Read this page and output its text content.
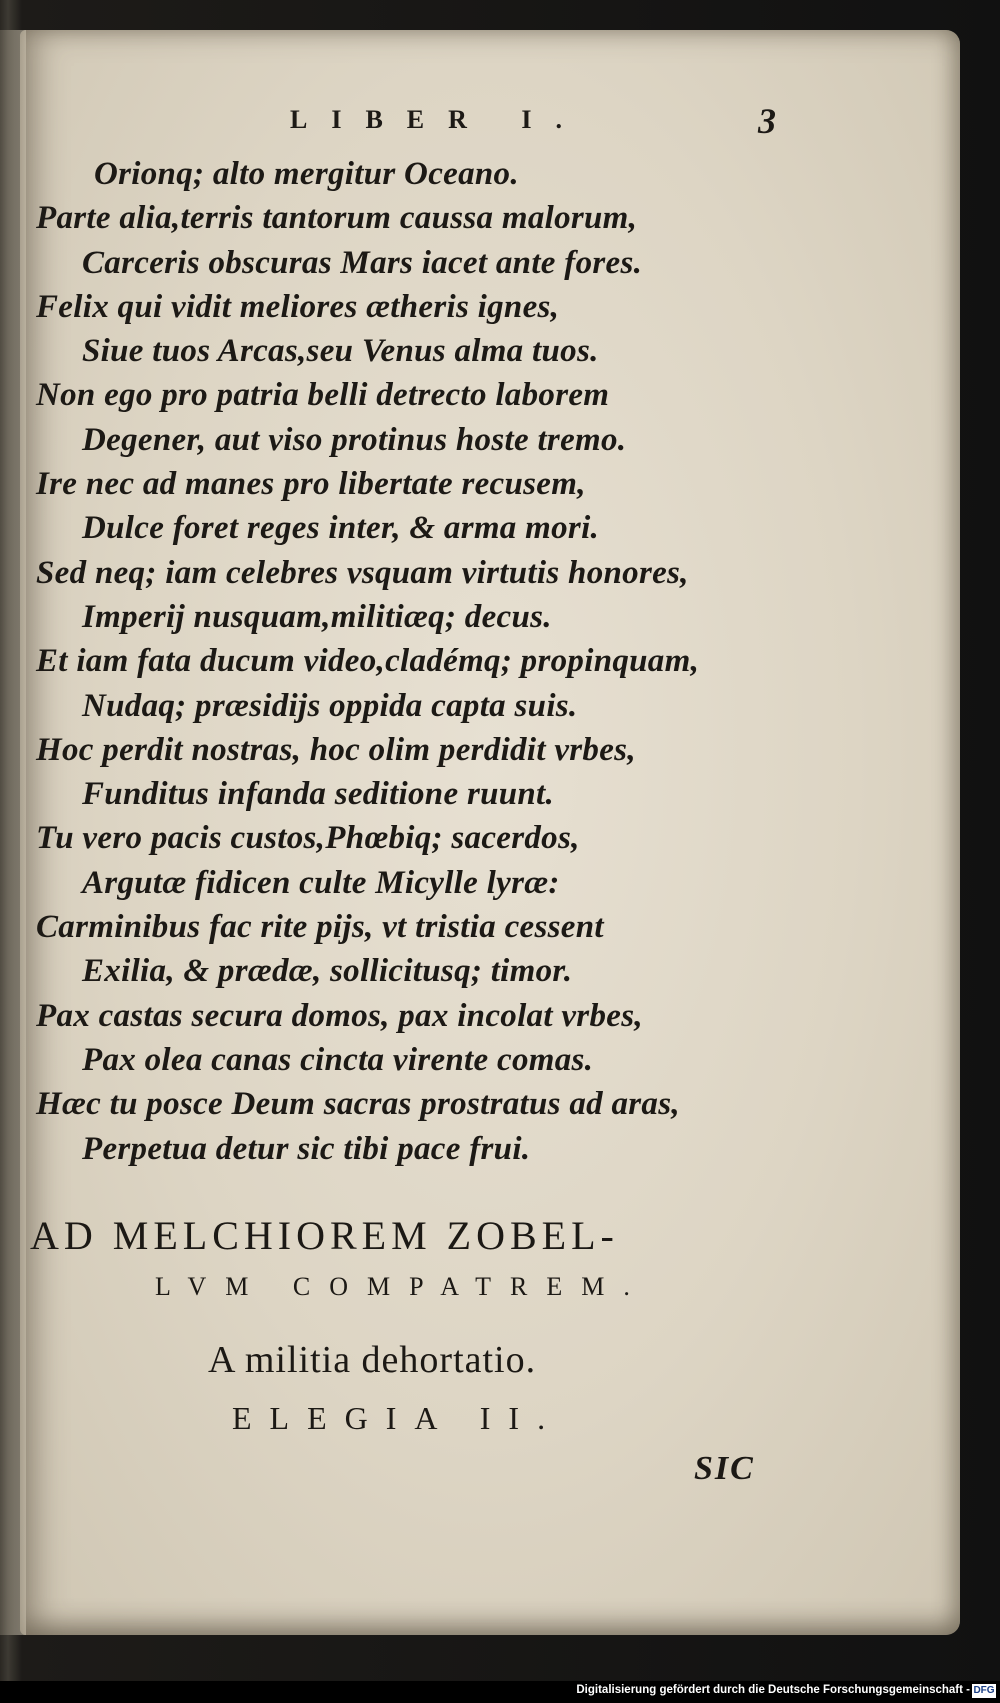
LIBER I.	3
Orionq; alto mergitur Oceano.
Parte alia,terris tantorum caussa malorum,
Carceris obscuras Mars iacet ante fores.
Felix qui vidit meliores ætheris ignes,
Siue tuos Arcas,seu Venus alma tuos.
Non ego pro patria belli detrecto laborem
Degener, aut viso protinus hoste tremo.
Ire nec ad manes pro libertate recusem,
Dulce foret reges inter, & arma mori.
Sed neq; iam celebres vsquam virtutis honores,
Imperij nusquam,militiæq; decus.
Et iam fata ducum video,cladémq; propinquam,
Nudaq; præsidijs oppida capta suis.
Hoc perdit nostras, hoc olim perdidit vrbes,
Funditus infanda seditione ruunt.
Tu vero pacis custos,Phœbiq; sacerdos,
Argutæ fidicen culte Micylle lyræ:
Carminibus fac rite pijs, vt tristia cessent
Exilia, & prædæ, sollicitusq; timor.
Pax castas secura domos, pax incolat vrbes,
Pax olea canas cincta virente comas.
Hæc tu posce Deum sacras prostratus ad aras,
Perpetua detur sic tibi pace frui.
AD MELCHIOREM ZOBEL-
LVM COMPATREM.
A militia dehortatio.
ELEGIA II.
SIC
Digitalisierung gefördert durch die Deutsche Forschungsgemeinschaft - DFG
